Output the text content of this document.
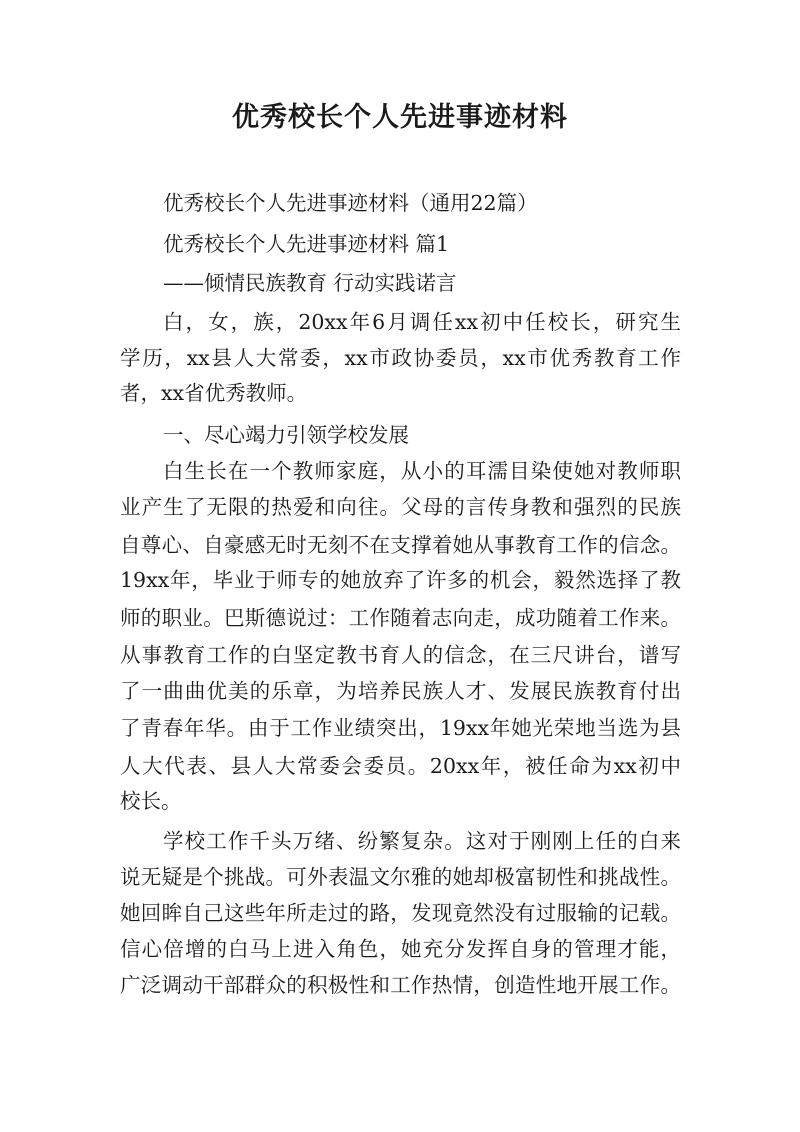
优秀校长个人先进事迹材料

优秀校长个人先进事迹材料（通用22篇）

优秀校长个人先进事迹材料 篇1

——倾情民族教育 行动实践诺言

白，女，族，20xx年6月调任xx初中任校长，研究生

学历，xx县人大常委，xx市政协委员，xx市优秀教育工作

者，xx省优秀教师。

一、尽心竭力引领学校发展

白生长在一个教师家庭，从小的耳濡目染使她对教师职

业产生了无限的热爱和向往。父母的言传身教和强烈的民族

自尊心、自豪感无时无刻不在支撑着她从事教育工作的信念。

19xx年，毕业于师专的她放弃了许多的机会，毅然选择了教

师的职业。巴斯德说过：工作随着志向走，成功随着工作来。

从事教育工作的白坚定教书育人的信念，在三尺讲台，谱写

了一曲曲优美的乐章，为培养民族人才、发展民族教育付出

了青春年华。由于工作业绩突出，19xx年她光荣地当选为县

人大代表、县人大常委会委员。20xx年，被任命为xx初中

校长。

学校工作千头万绪、纷繁复杂。这对于刚刚上任的白来

说无疑是个挑战。可外表温文尔雅的她却极富韧性和挑战性。

她回眸自己这些年所走过的路，发现竟然没有过服输的记载。

信心倍增的白马上进入角色，她充分发挥自身的管理才能，

广泛调动干部群众的积极性和工作热情，创造性地开展工作。
